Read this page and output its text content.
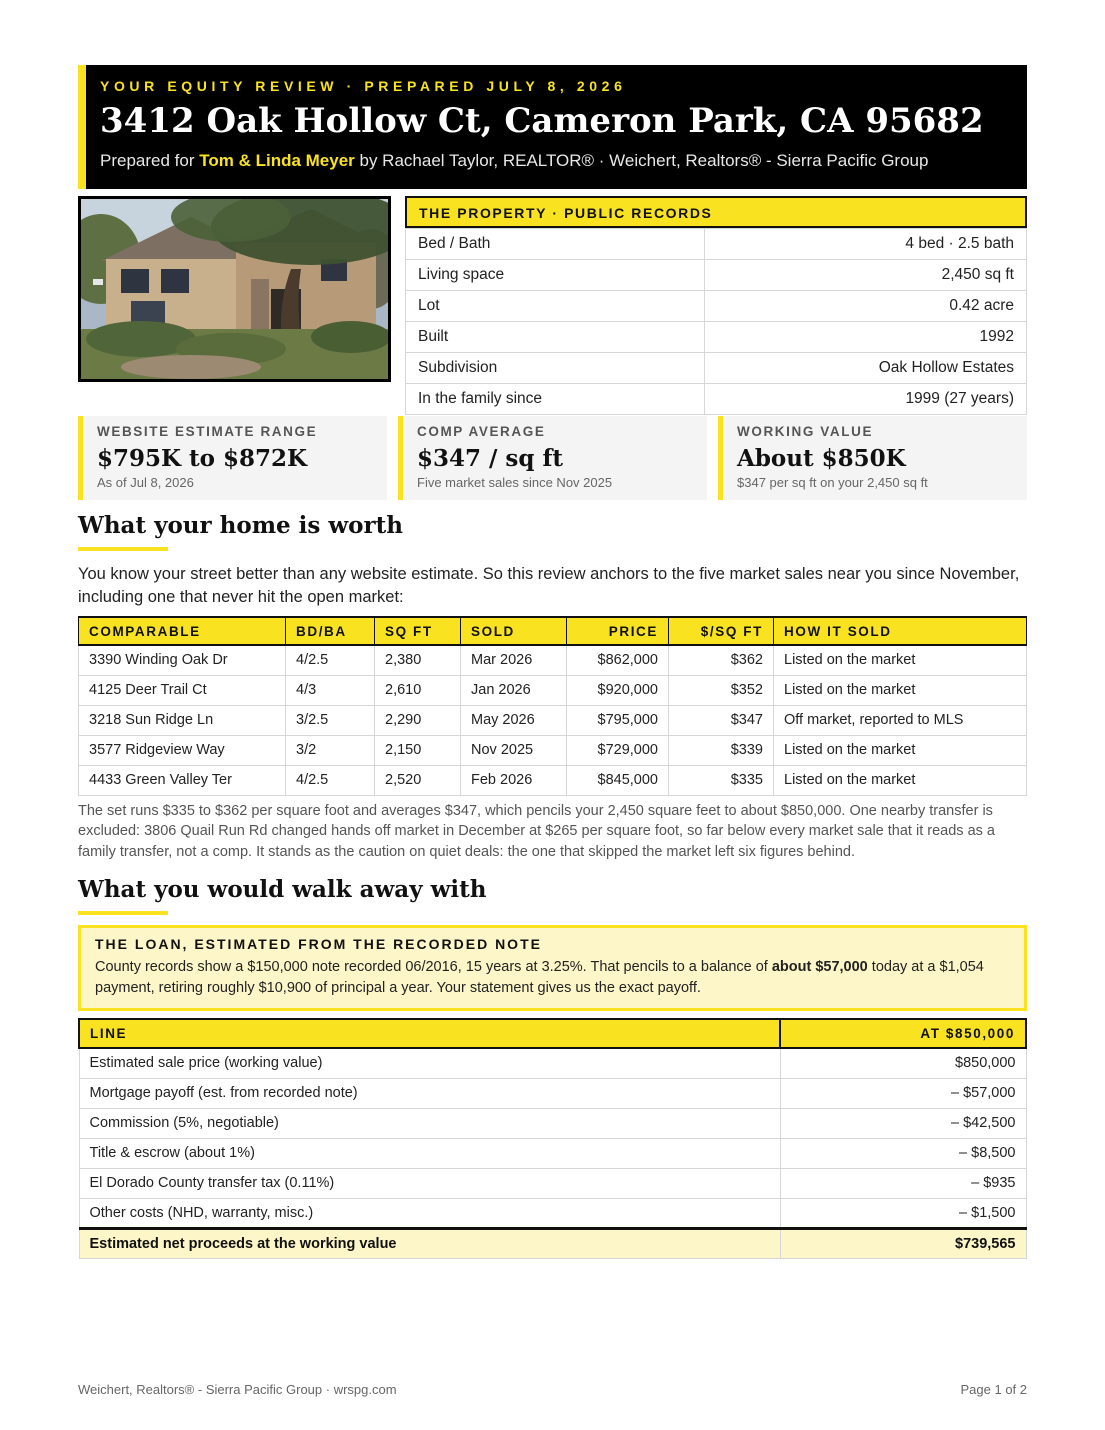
YOUR EQUITY REVIEW · PREPARED JULY 8, 2026
3412 Oak Hollow Ct, Cameron Park, CA 95682
Prepared for Tom & Linda Meyer by Rachael Taylor, REALTOR® · Weichert, Realtors® - Sierra Pacific Group
THE PROPERTY · PUBLIC RECORDS
Bed / Bath	4 bed · 2.5 bath
Living space	2,450 sq ft
Lot	0.42 acre
Built	1992
Subdivision	Oak Hollow Estates
In the family since	1999 (27 years)
WEBSITE ESTIMATE RANGE
$795K to $872K
As of Jul 8, 2026
COMP AVERAGE
$347 / sq ft
Five market sales since Nov 2025
WORKING VALUE
About $850K
$347 per sq ft on your 2,450 sq ft
What your home is worth
You know your street better than any website estimate. So this review anchors to the five market sales near you since November, including one that never hit the open market:
COMPARABLE	BD/BA	SQ FT	SOLD	PRICE	$/SQ FT	HOW IT SOLD
3390 Winding Oak Dr	4/2.5	2,380	Mar 2026	$862,000	$362	Listed on the market
4125 Deer Trail Ct	4/3	2,610	Jan 2026	$920,000	$352	Listed on the market
3218 Sun Ridge Ln	3/2.5	2,290	May 2026	$795,000	$347	Off market, reported to MLS
3577 Ridgeview Way	3/2	2,150	Nov 2025	$729,000	$339	Listed on the market
4433 Green Valley Ter	4/2.5	2,520	Feb 2026	$845,000	$335	Listed on the market
The set runs $335 to $362 per square foot and averages $347, which pencils your 2,450 square feet to about $850,000. One nearby transfer is excluded: 3806 Quail Run Rd changed hands off market in December at $265 per square foot, so far below every market sale that it reads as a family transfer, not a comp. It stands as the caution on quiet deals: the one that skipped the market left six figures behind.
What you would walk away with
THE LOAN, ESTIMATED FROM THE RECORDED NOTE
County records show a $150,000 note recorded 06/2016, 15 years at 3.25%. That pencils to a balance of about $57,000 today at a $1,054 payment, retiring roughly $10,900 of principal a year. Your statement gives us the exact payoff.
LINE	AT $850,000
Estimated sale price (working value)	$850,000
Mortgage payoff (est. from recorded note)	– $57,000
Commission (5%, negotiable)	– $42,500
Title & escrow (about 1%)	– $8,500
El Dorado County transfer tax (0.11%)	– $935
Other costs (NHD, warranty, misc.)	– $1,500
Estimated net proceeds at the working value	$739,565
Weichert, Realtors® - Sierra Pacific Group · wrspg.com	Page 1 of 2
